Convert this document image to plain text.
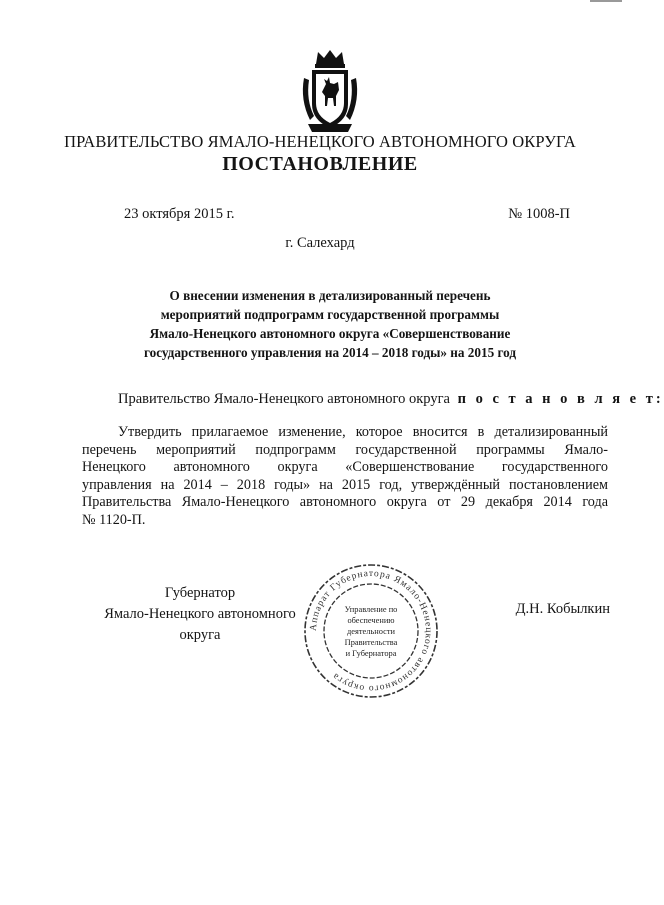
ПРАВИТЕЛЬСТВО ЯМАЛО-НЕНЕЦКОГО АВТОНОМНОГО ОКРУГА
ПОСТАНОВЛЕНИЕ
23 октября 2015 г.	№ 1008-П
г. Салехард
О внесении изменения в детализированный перечень
мероприятий подпрограмм государственной программы
Ямало-Ненецкого автономного округа «Совершенствование
государственного управления на 2014 – 2018 годы» на 2015 год
Правительство Ямало-Ненецкого автономного округа п о с т а н о в л я е т:
Утвердить прилагаемое изменение, которое вносится в детализированный
перечень мероприятий подпрограмм государственной программы Ямало-
Ненецкого автономного округа «Совершенствование государственного
управления на 2014 – 2018 годы» на 2015 год, утверждённый постановлением
Правительства Ямало-Ненецкого автономного округа от 29 декабря 2014 года
№ 1120-П.
Губернатор
Ямало-Ненецкого автономного округа
Д.Н. Кобылкин
Аппарат Губернатора Ямало-Ненецкого автономного округа
Управление по
обеспечению
деятельности
Правительства
и Губернатора
